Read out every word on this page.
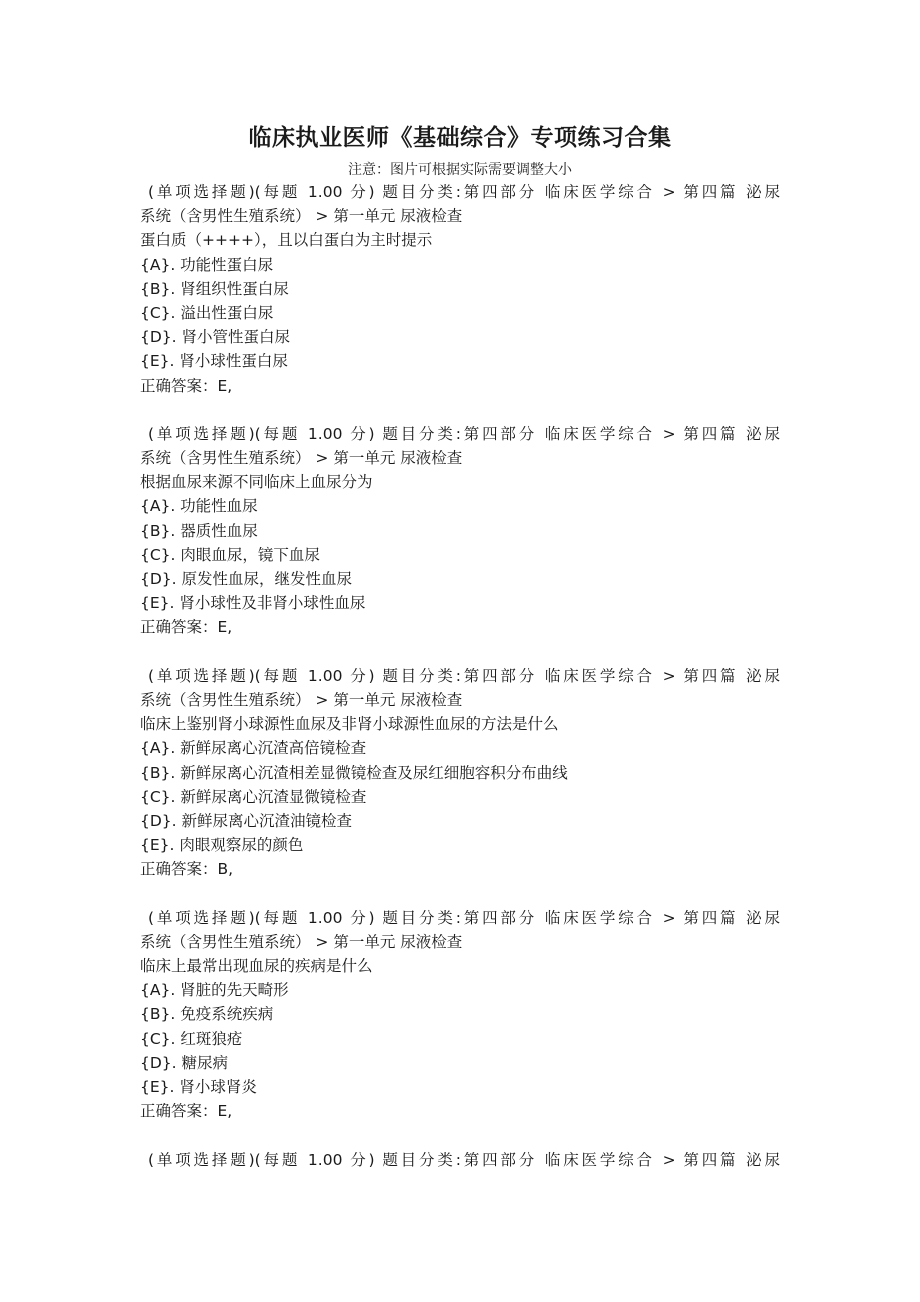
临床执业医师《基础综合》专项练习合集

注意：图片可根据实际需要调整大小

(单项选择题)(每题 1.00 分) 题目分类:第四部分 临床医学综合 > 第四篇 泌尿
系统（含男性生殖系统） > 第一单元 尿液检查
蛋白质（++++），且以白蛋白为主时提示
{A}. 功能性蛋白尿
{B}. 肾组织性蛋白尿
{C}. 溢出性蛋白尿
{D}. 肾小管性蛋白尿
{E}. 肾小球性蛋白尿
正确答案：E,
(单项选择题)(每题 1.00 分) 题目分类:第四部分 临床医学综合 > 第四篇 泌尿
系统（含男性生殖系统） > 第一单元 尿液检查
根据血尿来源不同临床上血尿分为
{A}. 功能性血尿
{B}. 器质性血尿
{C}. 肉眼血尿，镜下血尿
{D}. 原发性血尿，继发性血尿
{E}. 肾小球性及非肾小球性血尿
正确答案：E,
(单项选择题)(每题 1.00 分) 题目分类:第四部分 临床医学综合 > 第四篇 泌尿
系统（含男性生殖系统） > 第一单元 尿液检查
临床上鉴别肾小球源性血尿及非肾小球源性血尿的方法是什么
{A}. 新鲜尿离心沉渣高倍镜检查
{B}. 新鲜尿离心沉渣相差显微镜检查及尿红细胞容积分布曲线
{C}. 新鲜尿离心沉渣显微镜检查
{D}. 新鲜尿离心沉渣油镜检查
{E}. 肉眼观察尿的颜色
正确答案：B,
(单项选择题)(每题 1.00 分) 题目分类:第四部分 临床医学综合 > 第四篇 泌尿
系统（含男性生殖系统） > 第一单元 尿液检查
临床上最常出现血尿的疾病是什么
{A}. 肾脏的先天畸形
{B}. 免疫系统疾病
{C}. 红斑狼疮
{D}. 糖尿病
{E}. 肾小球肾炎
正确答案：E,
(单项选择题)(每题 1.00 分) 题目分类:第四部分 临床医学综合 > 第四篇 泌尿
